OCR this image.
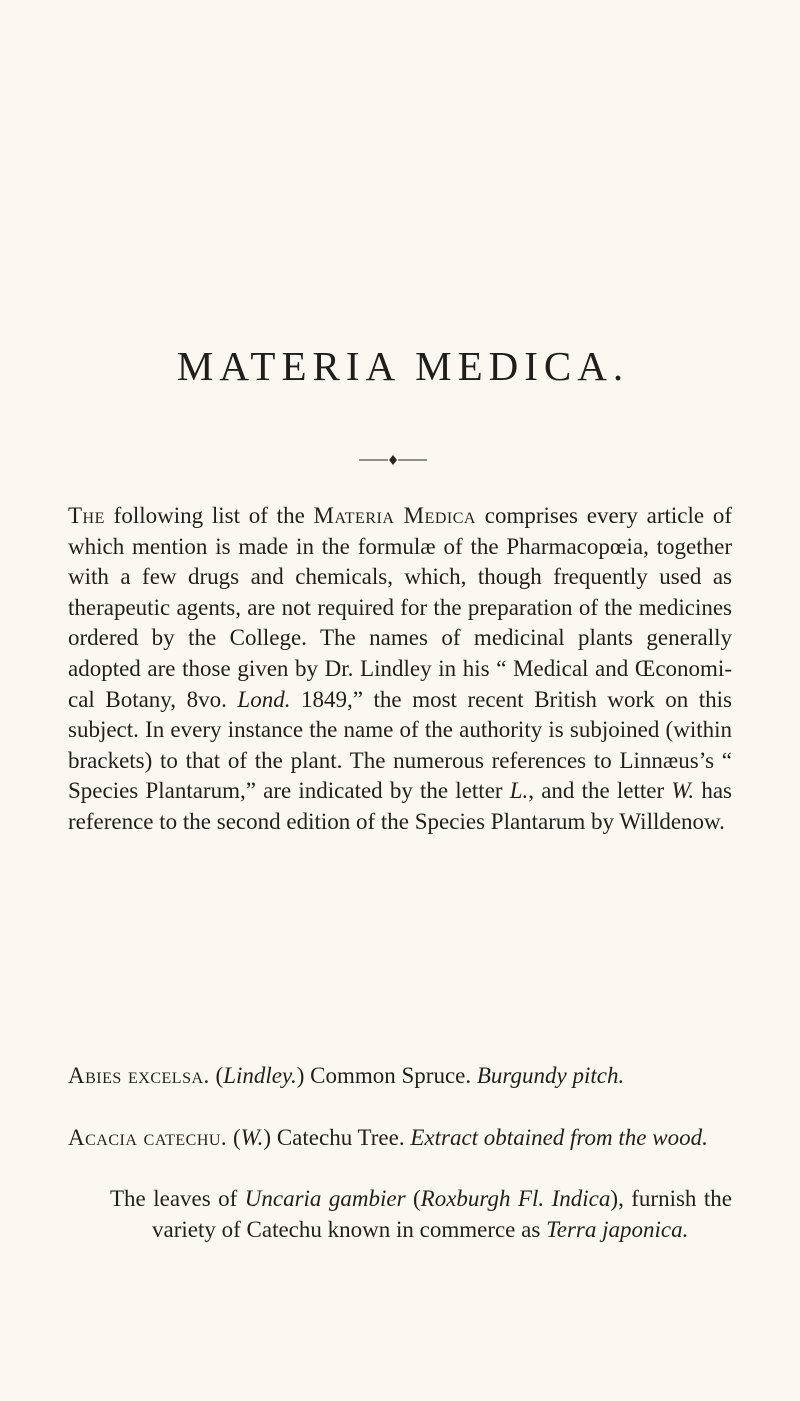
MATERIA MEDICA.

The following list of the Materia Medica comprises every article of which mention is made in the formulæ of the Pharmacopœia, together with a few drugs and chemicals, which, though frequently used as therapeutic agents, are not required for the preparation of the medicines ordered by the College. The names of medicinal plants generally adopted are those given by Dr. Lindley in his “ Medical and Œconomical Botany, 8vo. Lond. 1849,” the most recent British work on this subject. In every instance the name of the authority is subjoined (within brackets) to that of the plant. The numerous references to Linnæus’s “ Species Plantarum,” are indicated by the letter L., and the letter W. has reference to the second edition of the Species Plantarum by Willdenow.

Abies excelsa. (Lindley.) Common Spruce. Burgundy pitch.

Acacia catechu. (W.) Catechu Tree. Extract obtained from the wood.

The leaves of Uncaria gambier (Roxburgh Fl. Indica), furnish the variety of Catechu known in commerce as Terra japonica.
